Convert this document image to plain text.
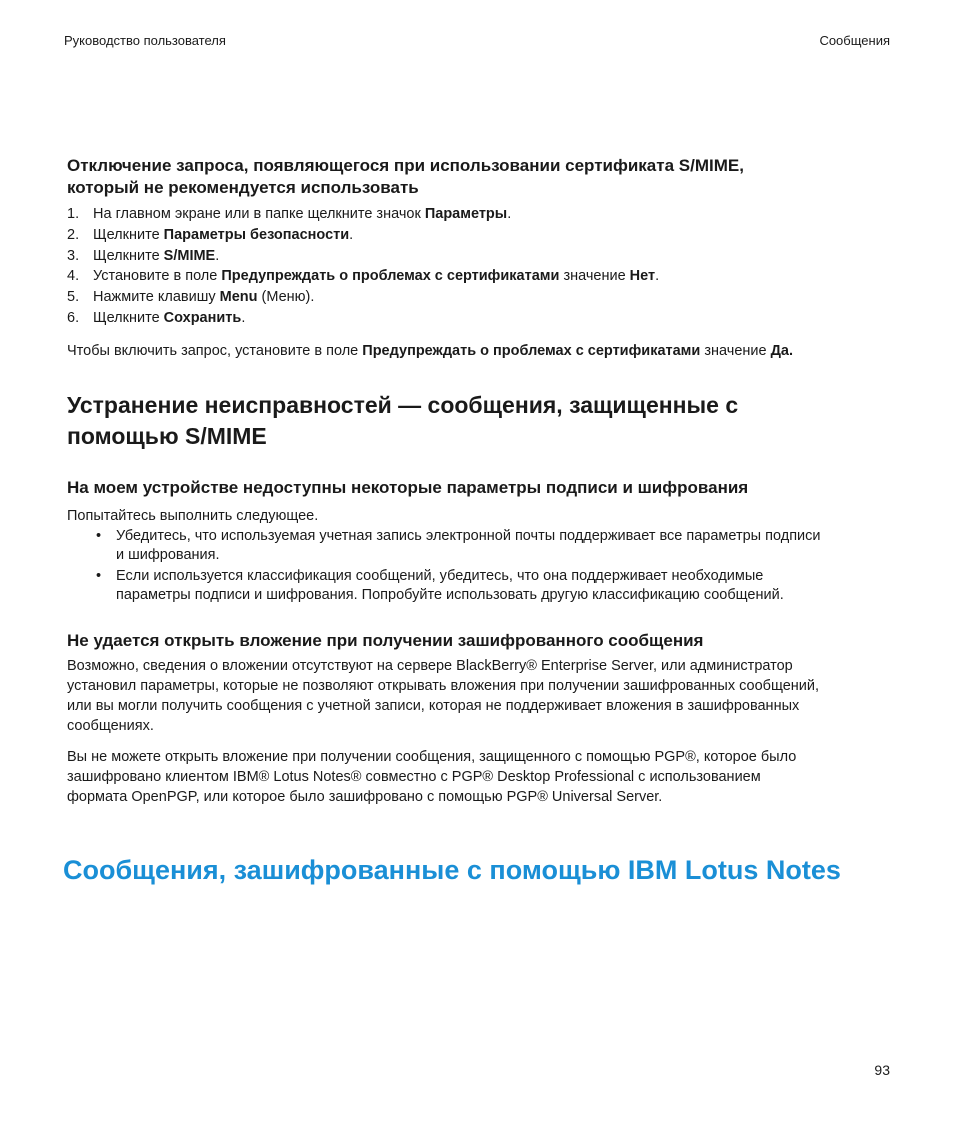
Руководство пользователя	Сообщения
Отключение запроса, появляющегося при использовании сертификата S/MIME,
который не рекомендуется использовать
1. На главном экране или в папке щелкните значок Параметры.
2. Щелкните Параметры безопасности.
3. Щелкните S/MIME.
4. Установите в поле Предупреждать о проблемах с сертификатами значение Нет.
5. Нажмите клавишу Menu (Меню).
6. Щелкните Сохранить.

Чтобы включить запрос, установите в поле Предупреждать о проблемах с сертификатами значение Да.

Устранение неисправностей — сообщения, защищенные с
помощью S/MIME
На моем устройстве недоступны некоторые параметры подписи и шифрования

Попытайтесь выполнить следующее.

•	Убедитесь, что используемая учетная запись электронной почты поддерживает все параметры подписи
и шифрования.
•	Если используется классификация сообщений, убедитесь, что она поддерживает необходимые
параметры подписи и шифрования. Попробуйте использовать другую классификацию сообщений.
Не удается открыть вложение при получении зашифрованного сообщения

Возможно, сведения о вложении отсутствуют на сервере BlackBerry® Enterprise Server, или администратор
установил параметры, которые не позволяют открывать вложения при получении зашифрованных сообщений,
или вы могли получить сообщения с учетной записи, которая не поддерживает вложения в зашифрованных
сообщениях.

Вы не можете открыть вложение при получении сообщения, защищенного с помощью PGP®, которое было
зашифровано клиентом IBM® Lotus Notes® совместно с PGP® Desktop Professional с использованием
формата OpenPGP, или которое было зашифровано с помощью PGP® Universal Server.

Сообщения, зашифрованные с помощью IBM Lotus Notes
93
